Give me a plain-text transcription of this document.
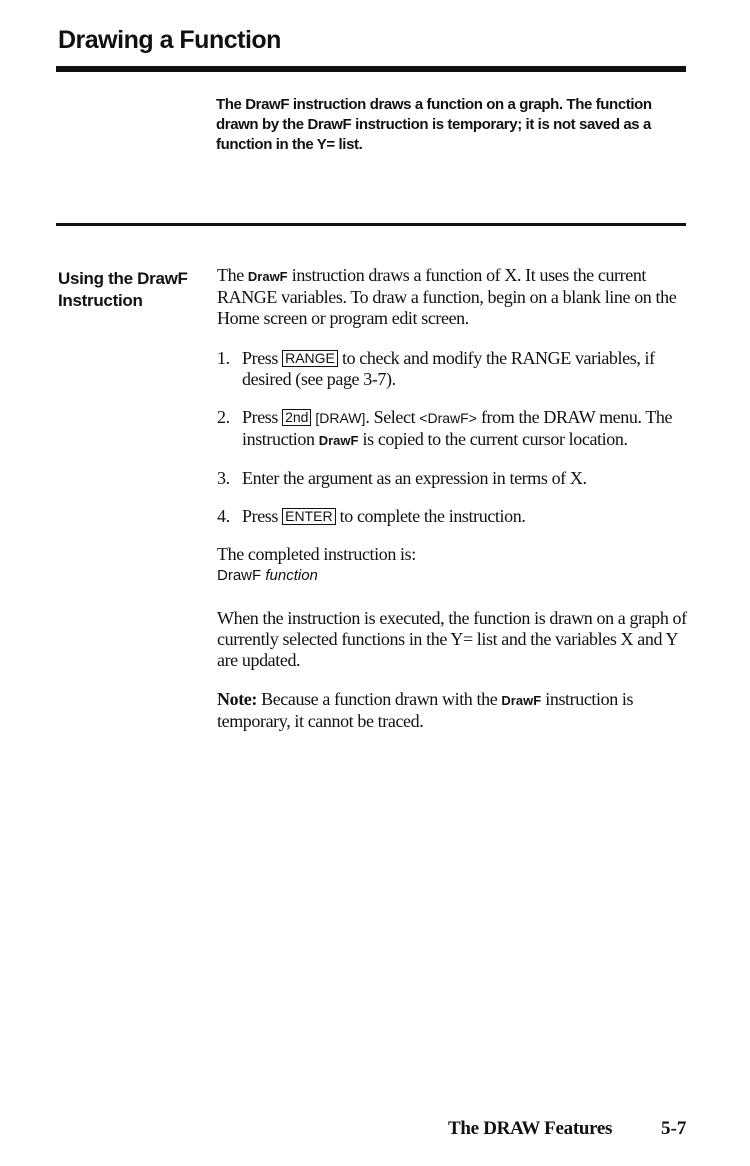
Drawing a Function
The DrawF instruction draws a function on a graph. The function drawn by the DrawF instruction is temporary; it is not saved as a function in the Y= list.
Using the DrawF Instruction

The DrawF instruction draws a function of X. It uses the current RANGE variables. To draw a function, begin on a blank line on the Home screen or program edit screen.

1. Press RANGE to check and modify the RANGE variables, if desired (see page 3-7).
2. Press 2nd [DRAW]. Select <DrawF> from the DRAW menu. The instruction DrawF is copied to the current cursor location.
3. Enter the argument as an expression in terms of X.
4. Press ENTER to complete the instruction.

The completed instruction is:

DrawF function

When the instruction is executed, the function is drawn on a graph of currently selected functions in the Y= list and the variables X and Y are updated.

Note: Because a function drawn with the DrawF instruction is temporary, it cannot be traced.

The DRAW Features	5-7
